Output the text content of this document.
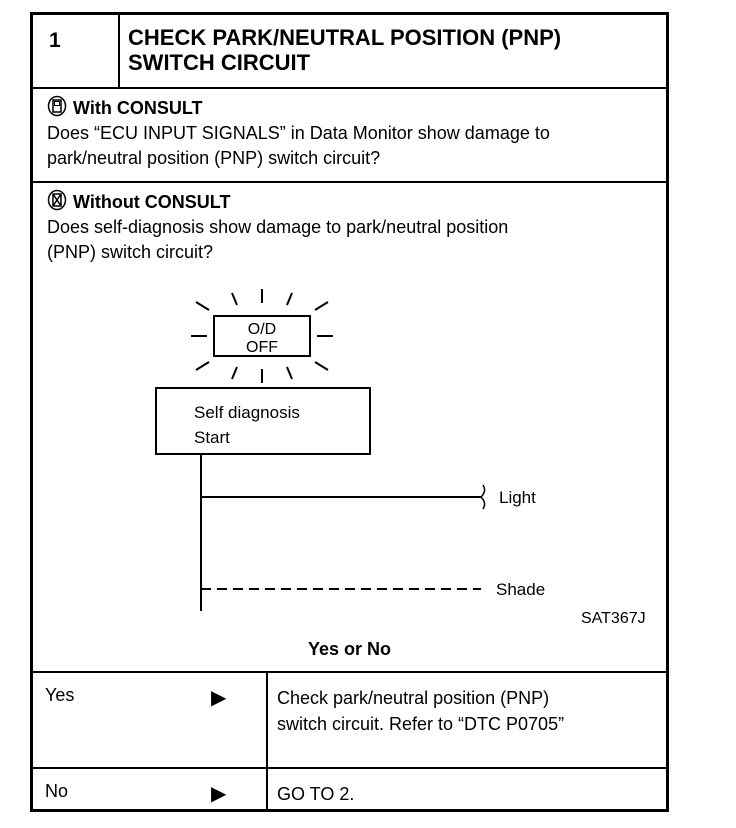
1	CHECK PARK/NEUTRAL POSITION (PNP)
SWITCH CIRCUIT
With CONSULT
Does “ECU INPUT SIGNALS” in Data Monitor show damage to
park/neutral position (PNP) switch circuit?
O/D
OFF
Self diagnosis
Start
Light
Shade
SAT367J
Without CONSULT
Does self-diagnosis show damage to park/neutral position
(PNP) switch circuit?
Yes or No
Yes	▶	Check park/neutral position (PNP)
switch circuit. Refer to “DTC P0705”
No	▶	GO TO 2.
